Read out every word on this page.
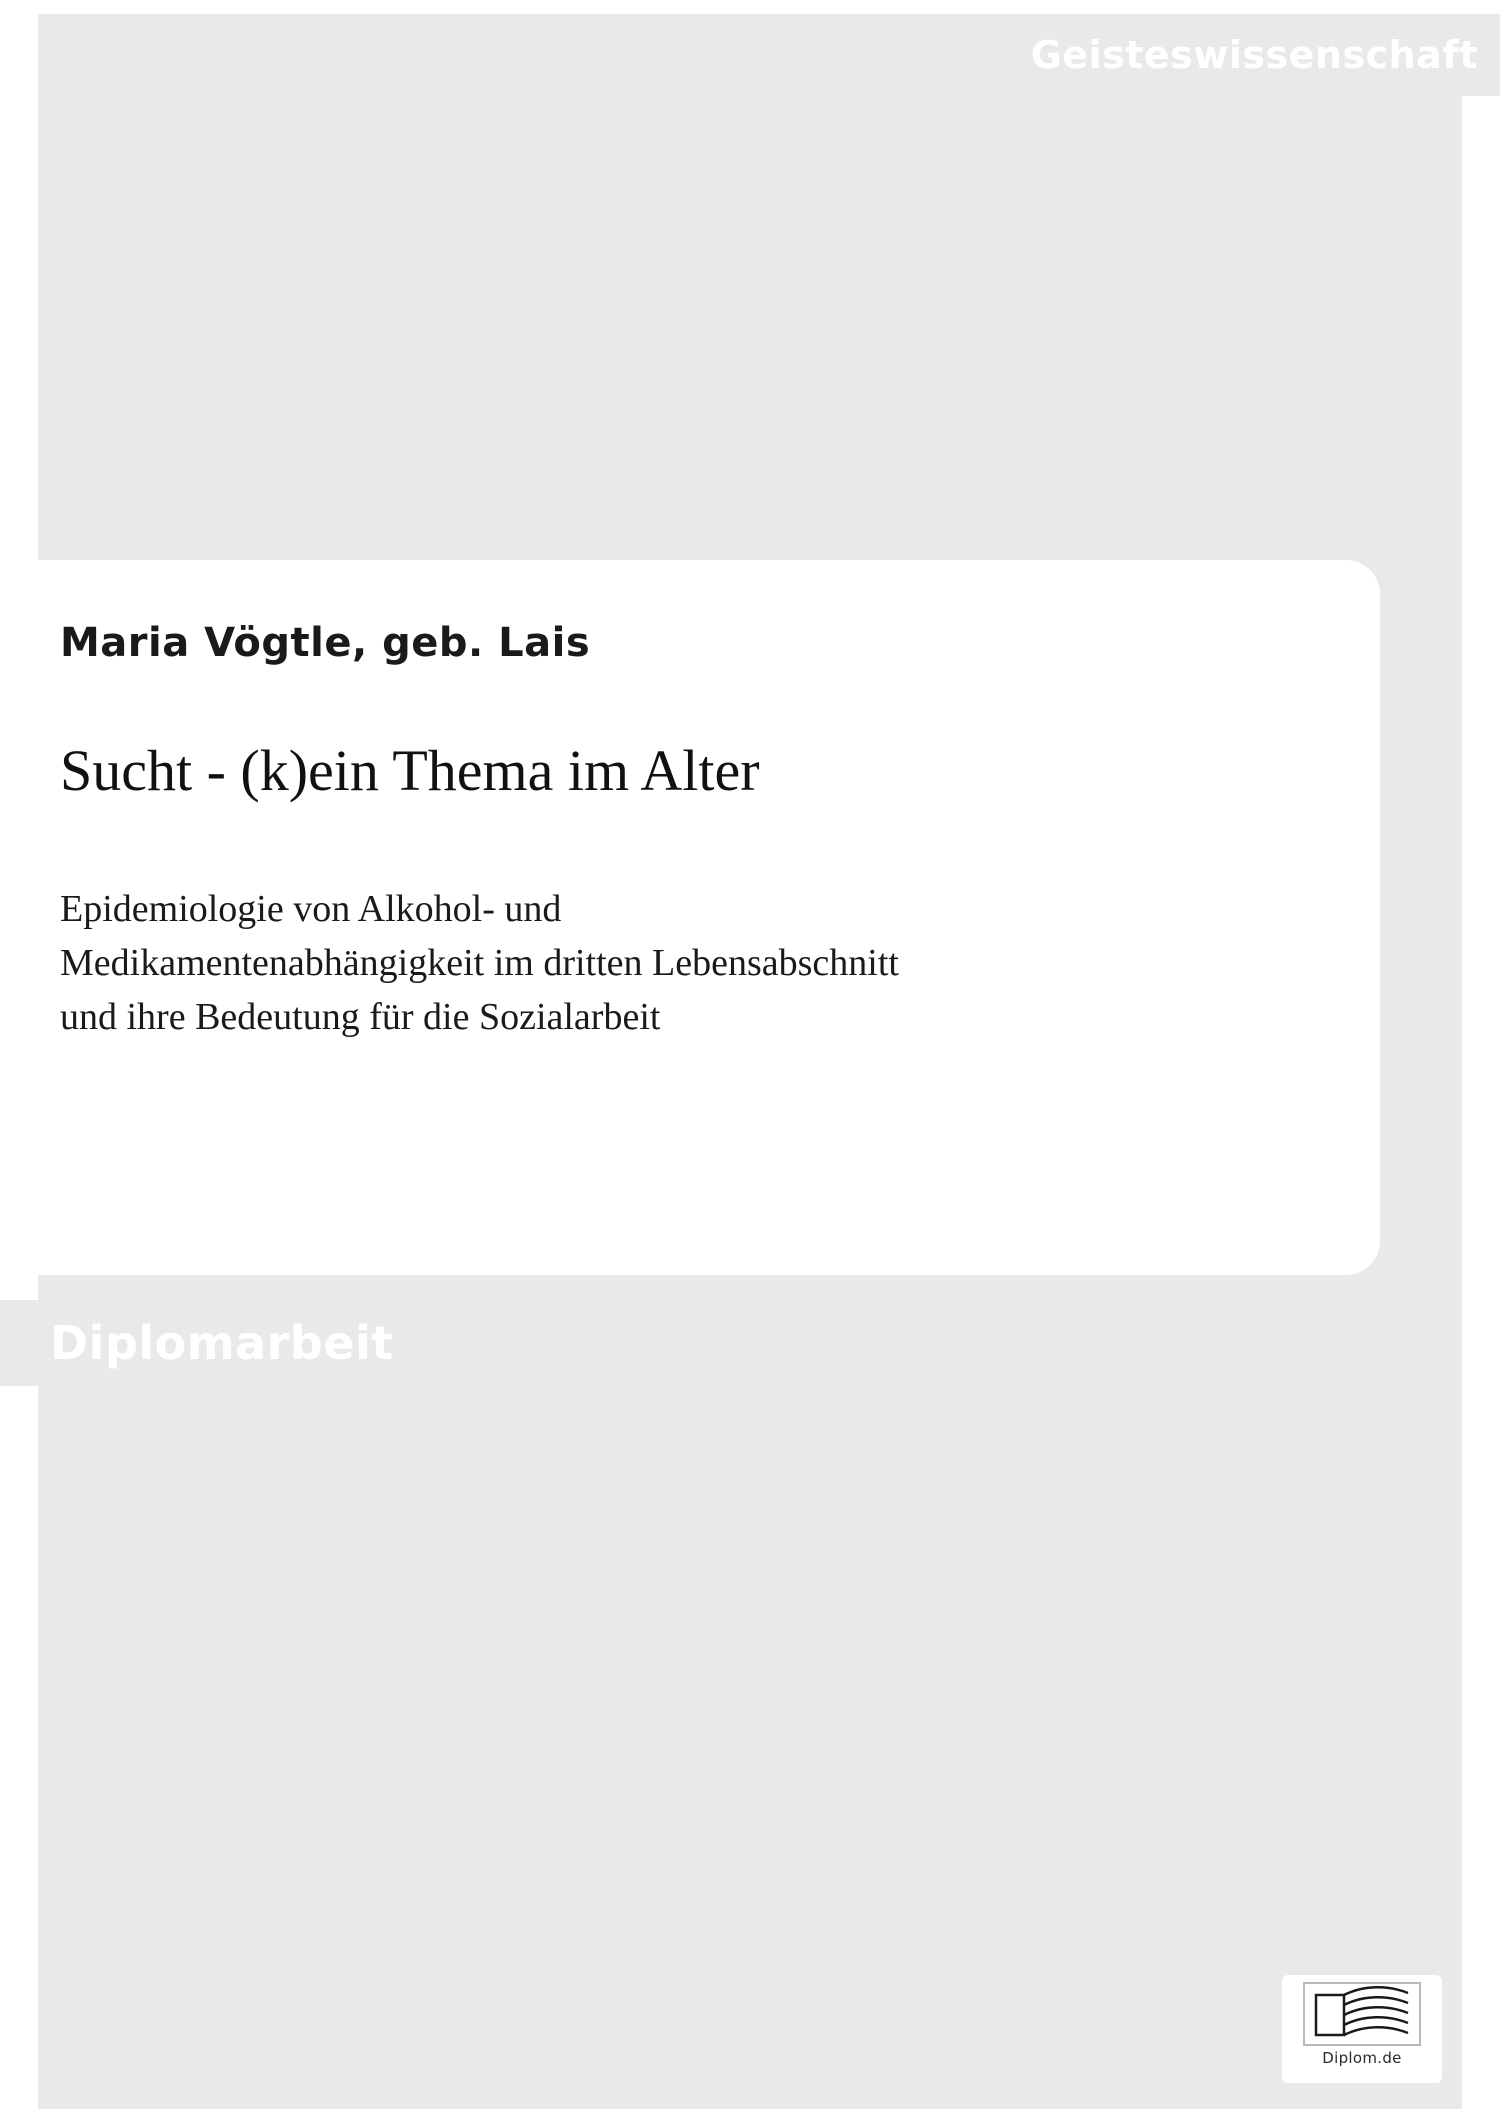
Geisteswissenschaft
Maria Vögtle, geb. Lais
Sucht - (k)ein Thema im Alter
Epidemiologie von Alkohol- und
Medikamentenabhängigkeit im dritten Lebensabschnitt
und ihre Bedeutung für die Sozialarbeit
Diplomarbeit
Diplom.de
